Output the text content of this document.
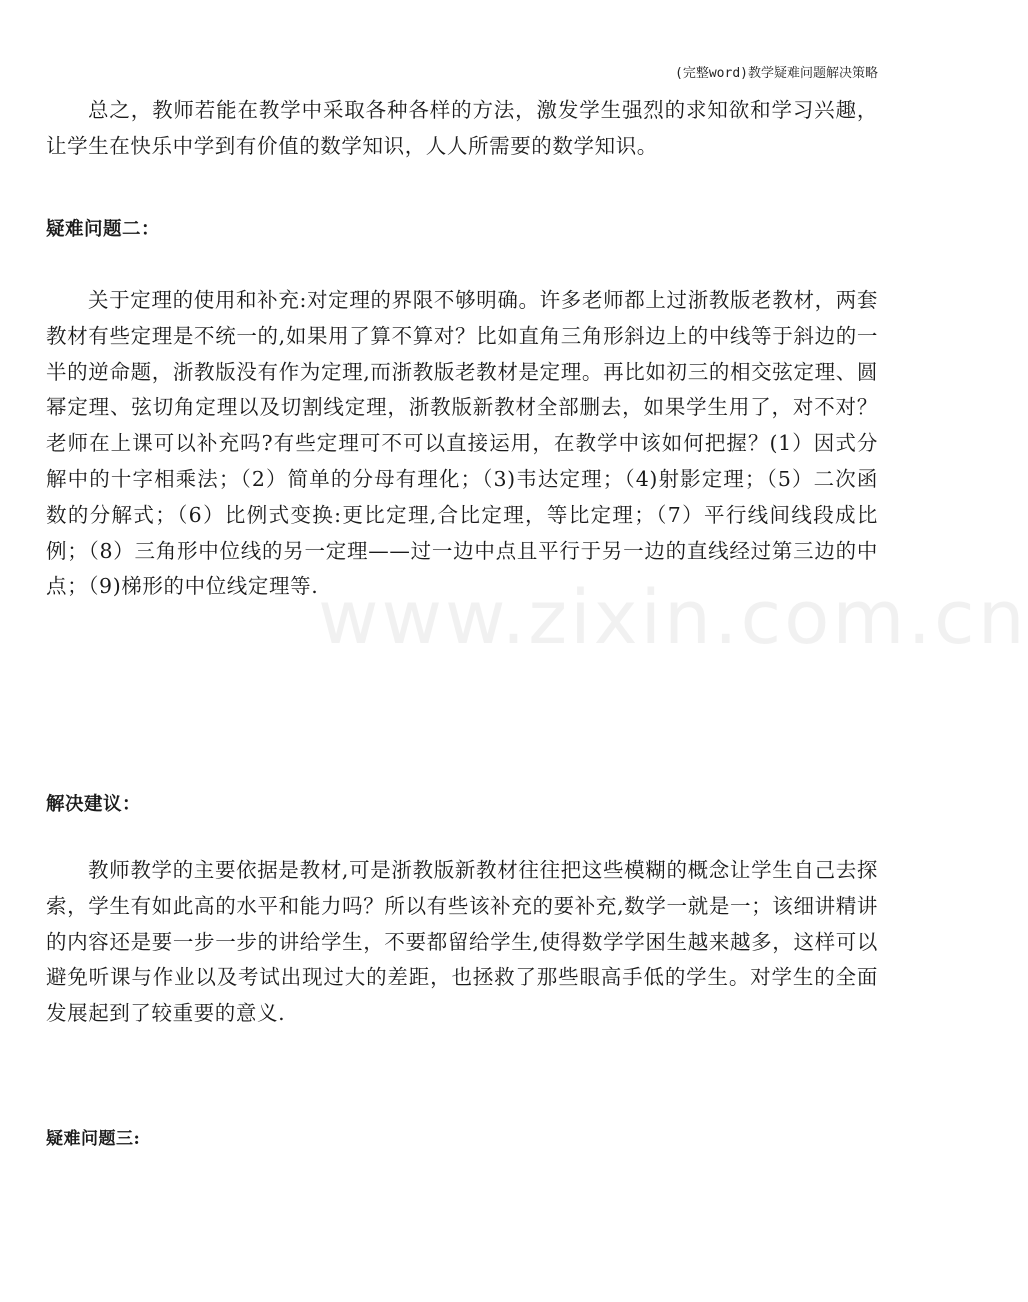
(完整word)教学疑难问题解决策略

总之，教师若能在教学中采取各种各样的方法，激发学生强烈的求知欲和学习兴趣，让学生在快乐中学到有价值的数学知识，人人所需要的数学知识。

疑难问题二：

关于定理的使用和补充:对定理的界限不够明确。许多老师都上过浙教版老教材，两套教材有些定理是不统一的,如果用了算不算对？比如直角三角形斜边上的中线等于斜边的一半的逆命题，浙教版没有作为定理,而浙教版老教材是定理。再比如初三的相交弦定理、圆幂定理、弦切角定理以及切割线定理，浙教版新教材全部删去，如果学生用了，对不对？老师在上课可以补充吗?有些定理可不可以直接运用，在教学中该如何把握？(1）因式分解中的十字相乘法；（2）简单的分母有理化；（3)韦达定理；（4)射影定理；（5）二次函数的分解式；（6）比例式变换:更比定理,合比定理，等比定理；（7）平行线间线段成比例；（8）三角形中位线的另一定理——过一边中点且平行于另一边的直线经过第三边的中点；（9)梯形的中位线定理等.

解决建议：

教师教学的主要依据是教材,可是浙教版新教材往往把这些模糊的概念让学生自己去探索，学生有如此高的水平和能力吗？所以有些该补充的要补充,数学一就是一；该细讲精讲的内容还是要一步一步的讲给学生，不要都留给学生,使得数学学困生越来越多，这样可以避免听课与作业以及考试出现过大的差距，也拯救了那些眼高手低的学生。对学生的全面发展起到了较重要的意义.

疑难问题三:
www.zixin.com.cn
